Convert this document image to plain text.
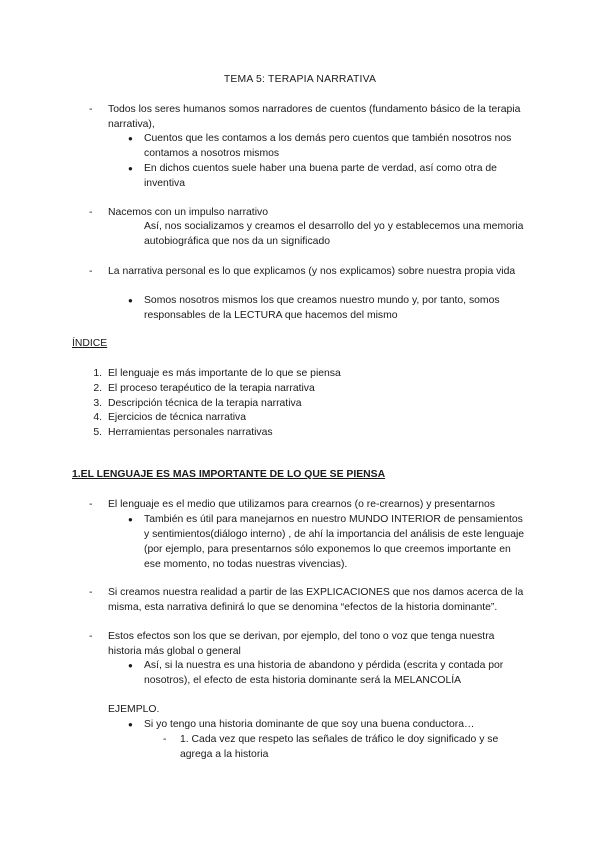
TEMA 5: TERAPIA NARRATIVA
- Todos los seres humanos somos narradores de cuentos (fundamento básico de la terapia narrativa),
● Cuentos que les contamos a los demás pero cuentos que también nosotros nos contamos a nosotros mismos
● En dichos cuentos suele haber una buena parte de verdad, así como otra de inventiva
- Nacemos con un impulso narrativo
Así, nos socializamos y creamos el desarrollo del yo y establecemos una memoria autobiográfica que nos da un significado
- La narrativa personal es lo que explicamos (y nos explicamos) sobre nuestra propia vida
● Somos nosotros mismos los que creamos nuestro mundo y, por tanto, somos responsables de la LECTURA que hacemos del mismo
ÍNDICE
1. El lenguaje es más importante de lo que se piensa
2. El proceso terapéutico de la terapia narrativa
3. Descripción técnica de la terapia narrativa
4. Ejercicios de técnica narrativa
5. Herramientas personales narrativas
1.EL LENGUAJE ES MAS IMPORTANTE DE LO QUE SE PIENSA
- El lenguaje es el medio que utilizamos para crearnos (o re-crearnos) y presentarnos
● También es útil para manejarnos en nuestro MUNDO INTERIOR de pensamientos y sentimientos(diálogo interno) , de ahí la importancia del análisis de este lenguaje (por ejemplo, para presentarnos sólo exponemos lo que creemos importante en ese momento, no todas nuestras vivencias).
- Si creamos nuestra realidad a partir de las EXPLICACIONES que nos damos acerca de la misma, esta narrativa definirá lo que se denomina “efectos de la historia dominante”.
- Estos efectos son los que se derivan, por ejemplo, del tono o voz que tenga nuestra historia más global o general
● Así, si la nuestra es una historia de abandono y pérdida (escrita y contada por nosotros), el efecto de esta historia dominante será la MELANCOLÍA
EJEMPLO.
● Si yo tengo una historia dominante de que soy una buena conductora…
- 1. Cada vez que respeto las señales de tráfico le doy significado y se agrega a la historia
